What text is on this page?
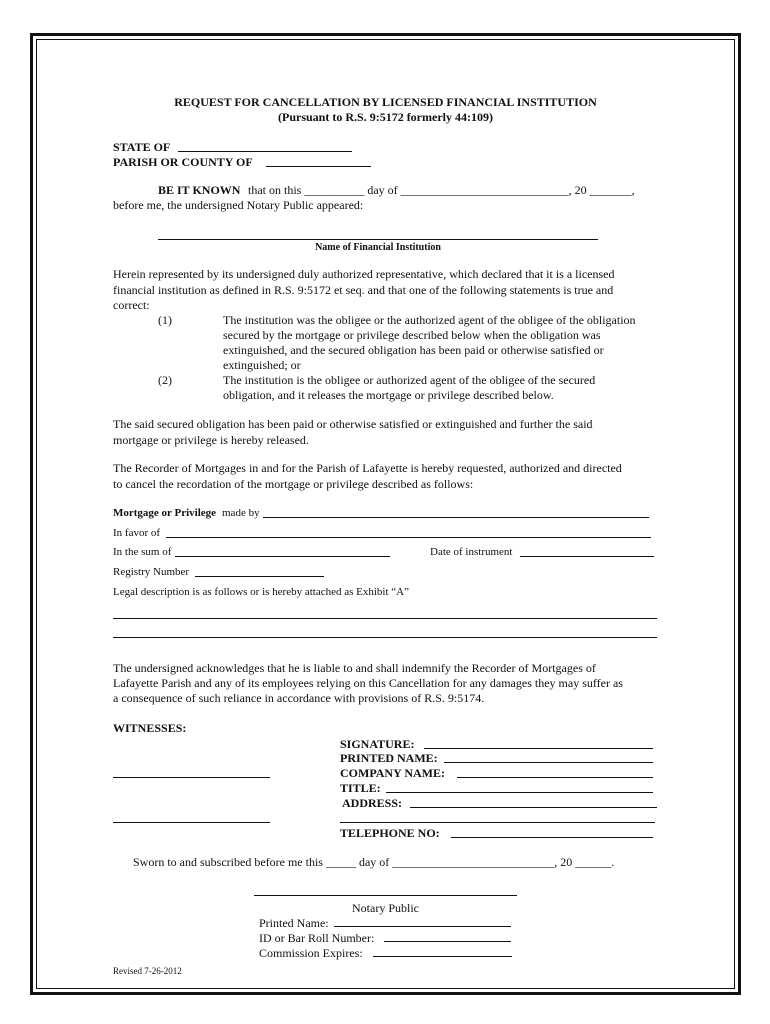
REQUEST FOR CANCELLATION BY LICENSED FINANCIAL INSTITUTION
(Pursuant to R.S. 9:5172 formerly 44:109)
STATE OF
PARISH OR COUNTY OF
BE IT KNOWN that on this __________ day of ____________________________, 20 _______,
before me, the undersigned Notary Public appeared:
Name of Financial Institution
Herein represented by its undersigned duly authorized representative, which declared that it is a licensed
financial institution as defined in R.S. 9:5172 et seq. and that one of the following statements is true and
correct:
(1)	The institution was the obligee or the authorized agent of the obligee of the obligation
secured by the mortgage or privilege described below when the obligation was
extinguished, and the secured obligation has been paid or otherwise satisfied or
extinguished; or
(2)	The institution is the obligee or authorized agent of the obligee of the secured
obligation, and it releases the mortgage or privilege described below.
The said secured obligation has been paid or otherwise satisfied or extinguished and further the said
mortgage or privilege is hereby released.
The Recorder of Mortgages in and for the Parish of Lafayette is hereby requested, authorized and directed
to cancel the recordation of the mortgage or privilege described as follows:
Mortgage or Privilege made by
In favor of
In the sum of	Date of instrument
Registry Number
Legal description is as follows or is hereby attached as Exhibit “A”
The undersigned acknowledges that he is liable to and shall indemnify the Recorder of Mortgages of
Lafayette Parish and any of its employees relying on this Cancellation for any damages they may suffer as
a consequence of such reliance in accordance with provisions of R.S. 9:5174.
WITNESSES:
SIGNATURE:
PRINTED NAME:
COMPANY NAME:
TITLE:
ADDRESS:
TELEPHONE NO:
Sworn to and subscribed before me this _____ day of ___________________________, 20 ______.
Notary Public
Printed Name:
ID or Bar Roll Number:
Commission Expires:
Revised 7-26-2012
